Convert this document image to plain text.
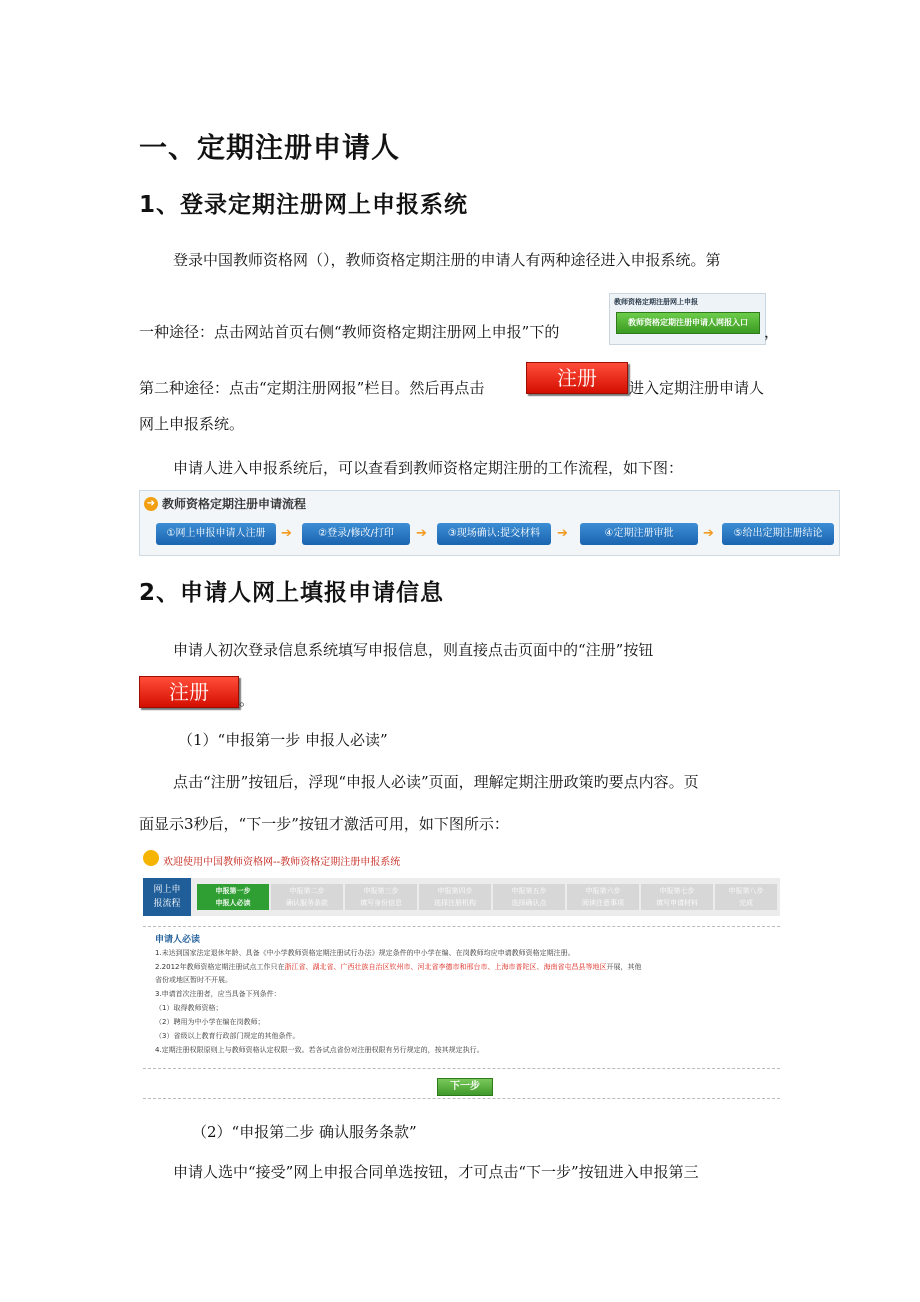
一、定期注册申请人
1、登录定期注册网上申报系统
登录中国教师资格网（），教师资格定期注册的申请人有两种途径进入申报系统。第
一种途径：点击网站首页右侧“教师资格定期注册网上申报”下的
教师资格定期注册网上申报
教师资格定期注册申请人网报入口
，
第二种途径：点击“定期注册网报”栏目。然后再点击	注册	进入定期注册申请人
网上申报系统。
申请人进入申报系统后，可以查看到教师资格定期注册的工作流程，如下图：
➜ 教师资格定期注册申请流程
①网上申报申请人注册	➔	②登录/修改/打印	➔	③现场确认:提交材料	➔	④定期注册审批	➔	⑤给出定期注册结论
2、申请人网上填报申请信息
申请人初次登录信息系统填写申报信息，则直接点击页面中的“注册”按钮
注册	。
（1）“申报第一步 申报人必读”
点击“注册”按钮后，浮现“申报人必读”页面，理解定期注册政策旳要点内容。页
面显示3秒后，“下一步”按钮才激活可用，如下图所示：
欢迎使用中国教师资格网--教师资格定期注册申报系统
网上申
报流程
申报第一步
申报人必读
申报第二步
确认服务条款
申报第三步
填写身份信息
申报第四步
选择注册机构
申报第五步
选择确认点
申报第六步
阅读注意事项
申报第七步
填写申请材料
申报第八步
完成
申请人必读
1.未达到国家法定退休年龄、具备《中小学教师资格定期注册试行办法》规定条件的中小学在编、在岗教师均应申请教师资格定期注册。
2.2012年教师资格定期注册试点工作只在浙江省、湖北省、广西壮族自治区钦州市、河北省李德市和邢台市、上海市普陀区、海南省屯昌县等地区开展，其他
省份或地区暂时不开展。
3.申请首次注册者，应当具备下列条件：
（1）取得教师资格；
（2）聘用为中小学在编在岗教师；
（3）省级以上教育行政部门规定的其他条件。
4.定期注册权限原则上与教师资格认定权限一致。若各试点省份对注册权限有另行规定的，按其规定执行。
下一步
（2）“申报第二步 确认服务条款”
申请人选中“接受”网上申报合同单选按钮，才可点击“下一步”按钮进入申报第三
